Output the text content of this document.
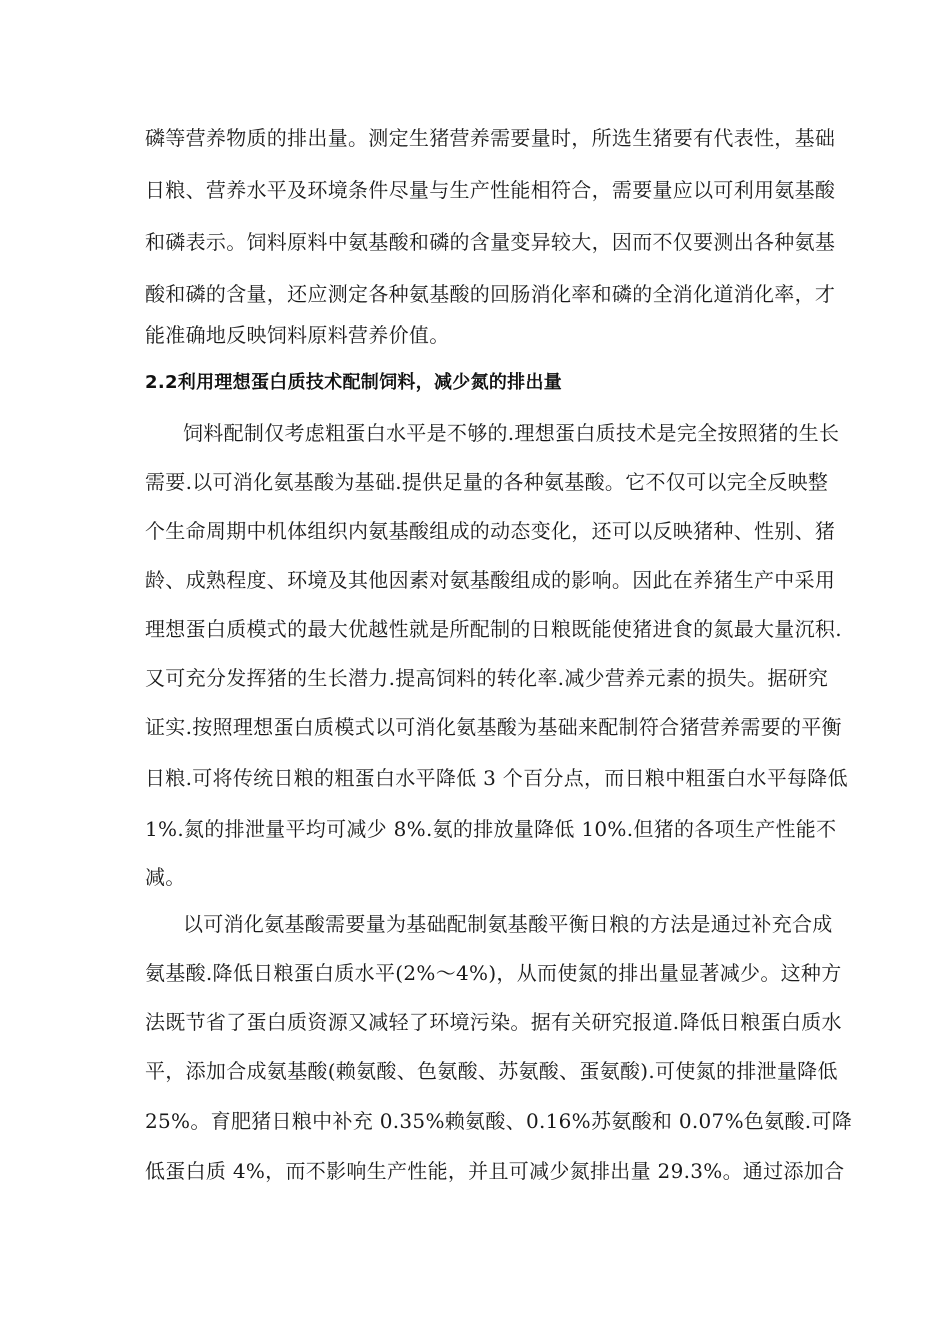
磷等营养物质的排出量。测定生猪营养需要量时，所选生猪要有代表性，基础
日粮、营养水平及环境条件尽量与生产性能相符合，需要量应以可利用氨基酸
和磷表示。饲料原料中氨基酸和磷的含量变异较大，因而不仅要测出各种氨基
酸和磷的含量，还应测定各种氨基酸的回肠消化率和磷的全消化道消化率，才
能准确地反映饲料原料营养价值。
2.2利用理想蛋白质技术配制饲料，减少氮的排出量
饲料配制仅考虑粗蛋白水平是不够的.理想蛋白质技术是完全按照猪的生长
需要.以可消化氨基酸为基础.提供足量的各种氨基酸。它不仅可以完全反映整
个生命周期中机体组织内氨基酸组成的动态变化，还可以反映猪种、性别、猪
龄、成熟程度、环境及其他因素对氨基酸组成的影响。因此在养猪生产中采用
理想蛋白质模式的最大优越性就是所配制的日粮既能使猪进食的氮最大量沉积.
又可充分发挥猪的生长潜力.提高饲料的转化率.减少营养元素的损失。据研究
证实.按照理想蛋白质模式以可消化氨基酸为基础来配制符合猪营养需要的平衡
日粮.可将传统日粮的粗蛋白水平降低 3 个百分点，而日粮中粗蛋白水平每降低
1%.氮的排泄量平均可减少 8%.氨的排放量降低 10%.但猪的各项生产性能不
减。
以可消化氨基酸需要量为基础配制氨基酸平衡日粮的方法是通过补充合成
氨基酸.降低日粮蛋白质水平(2%～4%)，从而使氮的排出量显著减少。这种方
法既节省了蛋白质资源又减轻了环境污染。据有关研究报道.降低日粮蛋白质水
平，添加合成氨基酸(赖氨酸、色氨酸、苏氨酸、蛋氨酸).可使氮的排泄量降低
25%。育肥猪日粮中补充 0.35%赖氨酸、0.16%苏氨酸和 0.07%色氨酸.可降
低蛋白质 4%，而不影响生产性能，并且可减少氮排出量 29.3%。通过添加合
